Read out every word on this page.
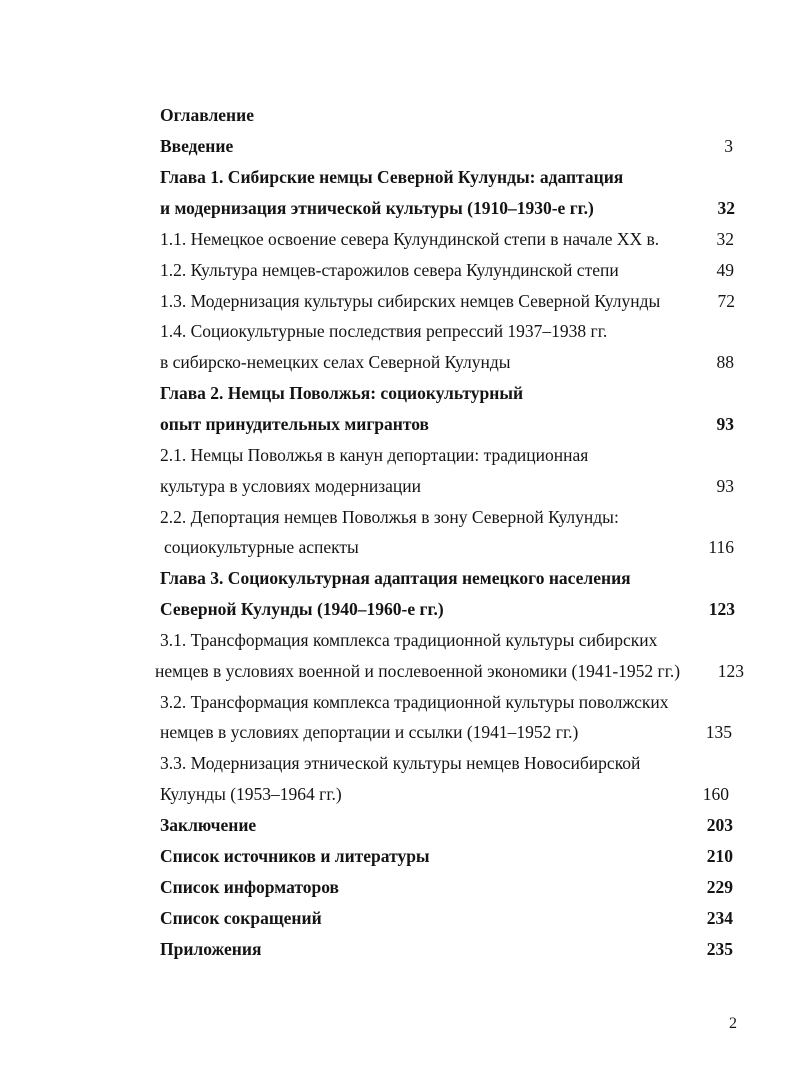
Оглавление
Введение	3
Глава 1. Сибирские немцы Северной Кулунды: адаптация
и модернизация этнической культуры (1910–1930-е гг.)	32
1.1. Немецкое освоение севера Кулундинской степи в начале XX в.	32
1.2. Культура немцев-старожилов севера Кулундинской степи	49
1.3. Модернизация культуры сибирских немцев Северной Кулунды	72
1.4. Социокультурные последствия репрессий 1937–1938 гг.
в сибирско-немецких селах Северной Кулунды	88
Глава 2. Немцы Поволжья: социокультурный
опыт принудительных мигрантов	93
2.1. Немцы Поволжья в канун депортации: традиционная
культура в условиях модернизации	93
2.2. Депортация немцев Поволжья в зону Северной Кулунды:
социокультурные аспекты	116
Глава 3. Социокультурная адаптация немецкого населения
Северной Кулунды (1940–1960-е гг.)	123
3.1. Трансформация комплекса традиционной культуры сибирских
немцев в условиях военной и послевоенной экономики (1941-1952 гг.) 123
3.2. Трансформация комплекса традиционной культуры поволжских
немцев в условиях депортации и ссылки (1941–1952 гг.)	135
3.3. Модернизация этнической культуры немцев Новосибирской
Кулунды (1953–1964 гг.)	160
Заключение	203
Список источников и литературы	210
Список информаторов	229
Список сокращений	234
Приложения	235
2
